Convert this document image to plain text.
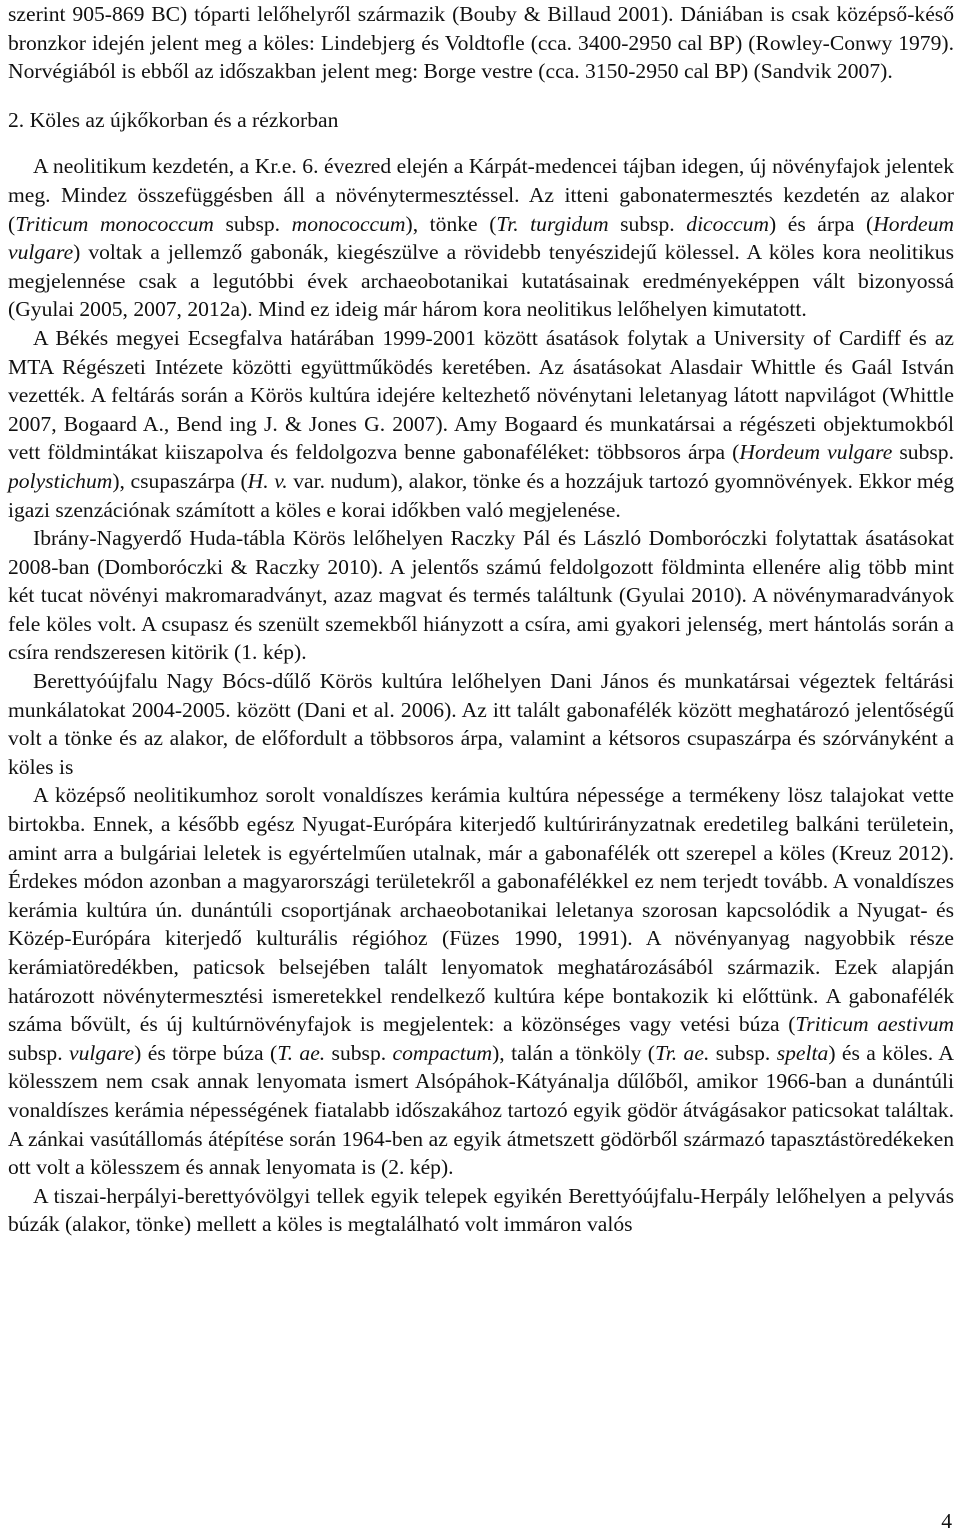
szerint 905-869 BC) tóparti lelőhelyről származik (Bouby & Billaud 2001). Dániában is csak középső-késő bronzkor idején jelent meg a köles: Lindebjerg és Voldtofle (cca. 3400-2950 cal BP) (Rowley-Conwy 1979). Norvégiából is ebből az időszakban jelent meg: Borge vestre (cca. 3150-2950 cal BP) (Sandvik 2007).

2. Köles az újkőkorban és a rézkorban

A neolitikum kezdetén, a Kr.e. 6. évezred elején a Kárpát-medencei tájban idegen, új növényfajok jelentek meg. Mindez összefüggésben áll a növénytermesztéssel. Az itteni gabonatermesztés kezdetén az alakor (Triticum monococcum subsp. monococcum), tönke (Tr. turgidum subsp. dicoccum) és árpa (Hordeum vulgare) voltak a jellemző gabonák, kiegészülve a rövidebb tenyészidejű kölessel. A köles kora neolitikus megjelennése csak a legutóbbi évek archaeobotanikai kutatásainak eredményeképpen vált bizonyossá (Gyulai 2005, 2007, 2012a). Mind ez ideig már három kora neolitikus lelőhelyen kimutatott.

A Békés megyei Ecsegfalva határában 1999-2001 között ásatások folytak a University of Cardiff és az MTA Régészeti Intézete közötti együttműködés keretében. Az ásatásokat Alasdair Whittle és Gaál István vezették. A feltárás során a Körös kultúra idejére keltezhető növénytani leletanyag látott napvilágot (Whittle 2007, Bogaard A., Bend ing J. & Jones G. 2007). Amy Bogaard és munkatársai a régészeti objektumokból vett földmintákat kiiszapolva és feldolgozva benne gabonaféléket: többsoros árpa (Hordeum vulgare subsp. polystichum), csupaszárpa (H. v. var. nudum), alakor, tönke és a hozzájuk tartozó gyomnövények. Ekkor még igazi szenzációnak számított a köles e korai időkben való megjelenése.

Ibrány-Nagyerdő Huda-tábla Körös lelőhelyen Raczky Pál és László Domboróczki folytattak ásatásokat 2008-ban (Domboróczki & Raczky 2010). A jelentős számú feldolgozott földminta ellenére alig több mint két tucat növényi makromaradványt, azaz magvat és termés találtunk (Gyulai 2010). A növénymaradványok fele köles volt. A csupasz és szenült szemekből hiányzott a csíra, ami gyakori jelenség, mert hántolás során a csíra rendszeresen kitörik (1. kép).

Berettyóújfalu Nagy Bócs-dűlő Körös kultúra lelőhelyen Dani János és munkatársai végeztek feltárási munkálatokat 2004-2005. között (Dani et al. 2006). Az itt talált gabonafélék között meghatározó jelentőségű volt a tönke és az alakor, de előfordult a többsoros árpa, valamint a kétsoros csupaszárpa és szórványként a köles is

A középső neolitikumhoz sorolt vonaldíszes kerámia kultúra népessége a termékeny lösz talajokat vette birtokba. Ennek, a később egész Nyugat-Európára kiterjedő kultúrirányzatnak eredetileg balkáni területein, amint arra a bulgáriai leletek is egyértelműen utalnak, már a gabonafélék ott szerepel a köles (Kreuz 2012). Érdekes módon azonban a magyarországi területekről a gabonafélékkel ez nem terjedt tovább. A vonaldíszes kerámia kultúra ún. dunántúli csoportjának archaeobotanikai leletanya szorosan kapcsolódik a Nyugat- és Közép-Európára kiterjedő kulturális régióhoz (Füzes 1990, 1991). A növényanyag nagyobbik része kerámiatöredékben, paticsok belsejében talált lenyomatok meghatározásából származik. Ezek alapján határozott növénytermesztési ismeretekkel rendelkező kultúra képe bontakozik ki előttünk. A gabonafélék száma bővült, és új kultúrnövényfajok is megjelentek: a közönséges vagy vetési búza (Triticum aestivum subsp. vulgare) és törpe búza (T. ae. subsp. compactum), talán a tönköly (Tr. ae. subsp. spelta) és a köles. A kölesszem nem csak annak lenyomata ismert Alsópáhok-Kátyánalja dűlőből, amikor 1966-ban a dunántúli vonaldíszes kerámia népességének fiatalabb időszakához tartozó egyik gödör átvágásakor paticsokat találtak. A zánkai vasútállomás átépítése során 1964-ben az egyik átmetszett gödörből származó tapasztástöredékeken ott volt a kölesszem és annak lenyomata is (2. kép).

A tiszai-herpályi-berettyóvölgyi tellek egyik telepek egyikén Berettyóújfalu-Herpály lelőhelyen a pelyvás búzák (alakor, tönke) mellett a köles is megtalálható volt immáron valós

4
